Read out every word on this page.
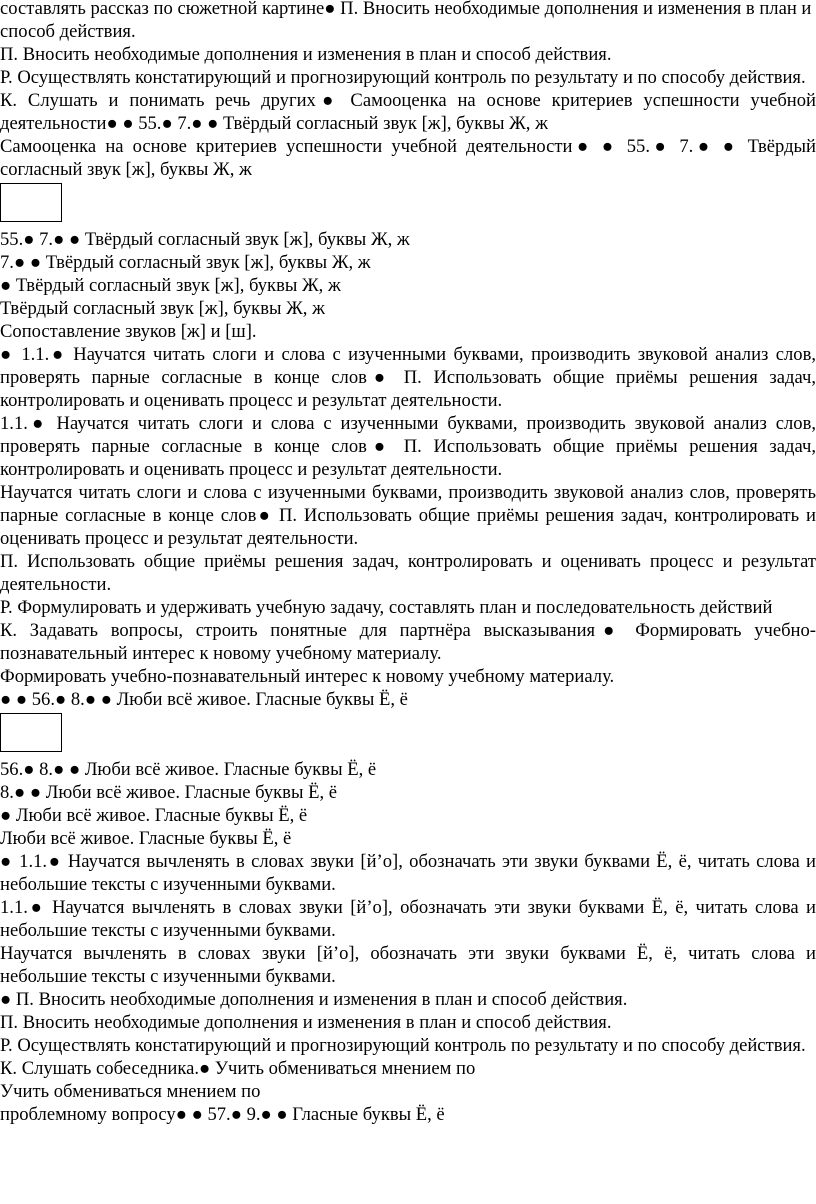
составлять рассказ по сюжетной картине● П. Вносить необходимые дополнения и изменения в план и способ действия.
П. Вносить необходимые дополнения и изменения в план и способ действия.
Р. Осуществлять констатирующий и прогнозирующий контроль по результату и по способу действия.
К. Слушать и понимать речь других● Самооценка на основе критериев успешности учебной деятельности● ● 55.● 7.● ● Твёрдый согласный звук [ж], буквы Ж, ж
Самооценка на основе критериев успешности учебной деятельности● ● 55.● 7.● ● Твёрдый согласный звук [ж], буквы Ж, ж
55.● 7.● ● Твёрдый согласный звук [ж], буквы Ж, ж
7.● ● Твёрдый согласный звук [ж], буквы Ж, ж
● Твёрдый согласный звук [ж], буквы Ж, ж
Твёрдый согласный звук [ж], буквы Ж, ж
Сопоставление звуков [ж] и [ш].
● 1.1.● Научатся читать слоги и слова с изученными буквами, производить звуковой анализ слов, проверять парные согласные в конце слов● П. Использовать общие приёмы решения задач, контролировать и оценивать процесс и результат деятельности.
1.1.● Научатся читать слоги и слова с изученными буквами, производить звуковой анализ слов, проверять парные согласные в конце слов● П. Использовать общие приёмы решения задач, контролировать и оценивать процесс и результат деятельности.
Научатся читать слоги и слова с изученными буквами, производить звуковой анализ слов, проверять парные согласные в конце слов● П. Использовать общие приёмы решения задач, контролировать и оценивать процесс и результат деятельности.
П. Использовать общие приёмы решения задач, контролировать и оценивать процесс и результат деятельности.
Р. Формулировать и удерживать учебную задачу, составлять план и последовательность действий
К. Задавать вопросы, строить понятные для партнёра высказывания● Формировать учебно-познавательный интерес к новому учебному материалу.
Формировать учебно-познавательный интерес к новому учебному материалу.
● ● 56.● 8.● ● Люби всё живое. Гласные буквы Ё, ё
56.● 8.● ● Люби всё живое. Гласные буквы Ё, ё
8.● ● Люби всё живое. Гласные буквы Ё, ё
● Люби всё живое. Гласные буквы Ё, ё
Люби всё живое. Гласные буквы Ё, ё
● 1.1.● Научатся вычленять в словах звуки [й’о], обозначать эти звуки буквами Ё, ё, читать слова и небольшие тексты с изученными буквами.
1.1.● Научатся вычленять в словах звуки [й’о], обозначать эти звуки буквами Ё, ё, читать слова и небольшие тексты с изученными буквами.
Научатся вычленять в словах звуки [й’о], обозначать эти звуки буквами Ё, ё, читать слова и небольшие тексты с изученными буквами.
● П. Вносить необходимые дополнения и изменения в план и способ действия.
П. Вносить необходимые дополнения и изменения в план и способ действия.
Р. Осуществлять констатирующий и прогнозирующий контроль по результату и по способу действия.
К. Слушать собеседника.● Учить обмениваться мнением по
Учить обмениваться мнением по
проблемному вопросу● ● 57.● 9.● ● Гласные буквы Ё, ё
